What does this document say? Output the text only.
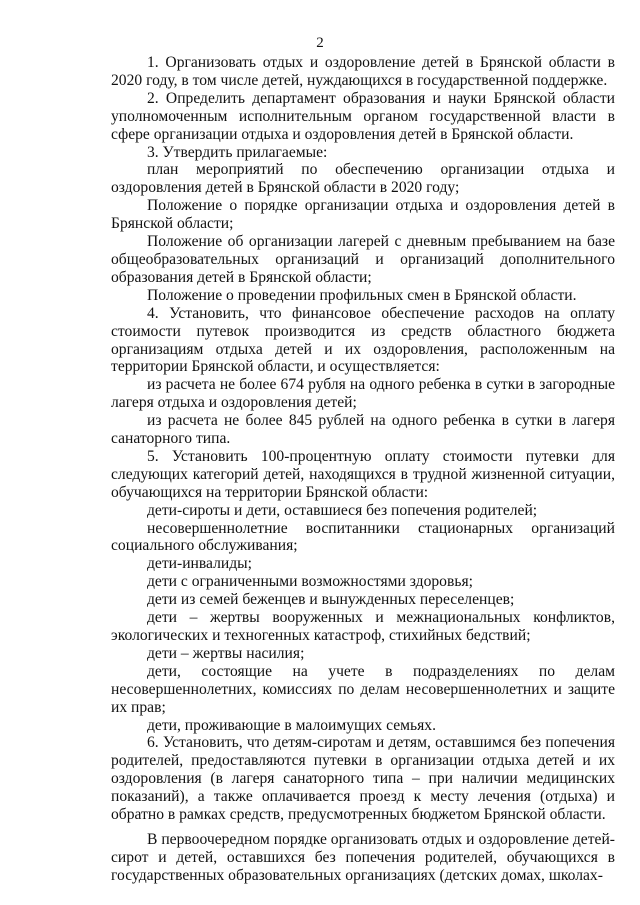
2

1. Организовать отдых и оздоровление детей в Брянской области в 2020 году, в том числе детей, нуждающихся в государственной поддержке.

2. Определить департамент образования и науки Брянской области уполномоченным исполнительным органом государственной власти в сфере организации отдыха и оздоровления детей в Брянской области.

3. Утвердить прилагаемые:

план мероприятий по обеспечению организации отдыха и оздоровления детей в Брянской области в 2020 году;

Положение о порядке организации отдыха и оздоровления детей в Брянской области;

Положение об организации лагерей с дневным пребыванием на базе общеобразовательных организаций и организаций дополнительного образования детей в Брянской области;

Положение о проведении профильных смен в Брянской области.

4. Установить, что финансовое обеспечение расходов на оплату стоимости путевок производится из средств областного бюджета организациям отдыха детей и их оздоровления, расположенным на территории Брянской области, и осуществляется:

из расчета не более 674 рубля на одного ребенка в сутки в загородные лагеря отдыха и оздоровления детей;

из расчета не более 845 рублей на одного ребенка в сутки в лагеря санаторного типа.

5. Установить 100-процентную оплату стоимости путевки для следующих категорий детей, находящихся в трудной жизненной ситуации, обучающихся на территории Брянской области:

дети-сироты и дети, оставшиеся без попечения родителей;

несовершеннолетние воспитанники стационарных организаций социального обслуживания;

дети-инвалиды;

дети с ограниченными возможностями здоровья;

дети из семей беженцев и вынужденных переселенцев;

дети – жертвы вооруженных и межнациональных конфликтов, экологических и техногенных катастроф, стихийных бедствий;

дети – жертвы насилия;

дети, состоящие на учете в подразделениях по делам несовершеннолетних, комиссиях по делам несовершеннолетних и защите их прав;

дети, проживающие в малоимущих семьях.

6. Установить, что детям-сиротам и детям, оставшимся без попечения родителей, предоставляются путевки в организации отдыха детей и их оздоровления (в лагеря санаторного типа – при наличии медицинских показаний), а также оплачивается проезд к месту лечения (отдыха) и обратно в рамках средств, предусмотренных бюджетом Брянской области.

В первоочередном порядке организовать отдых и оздоровление детей-сирот и детей, оставшихся без попечения родителей, обучающихся в государственных образовательных организациях (детских домах, школах-
